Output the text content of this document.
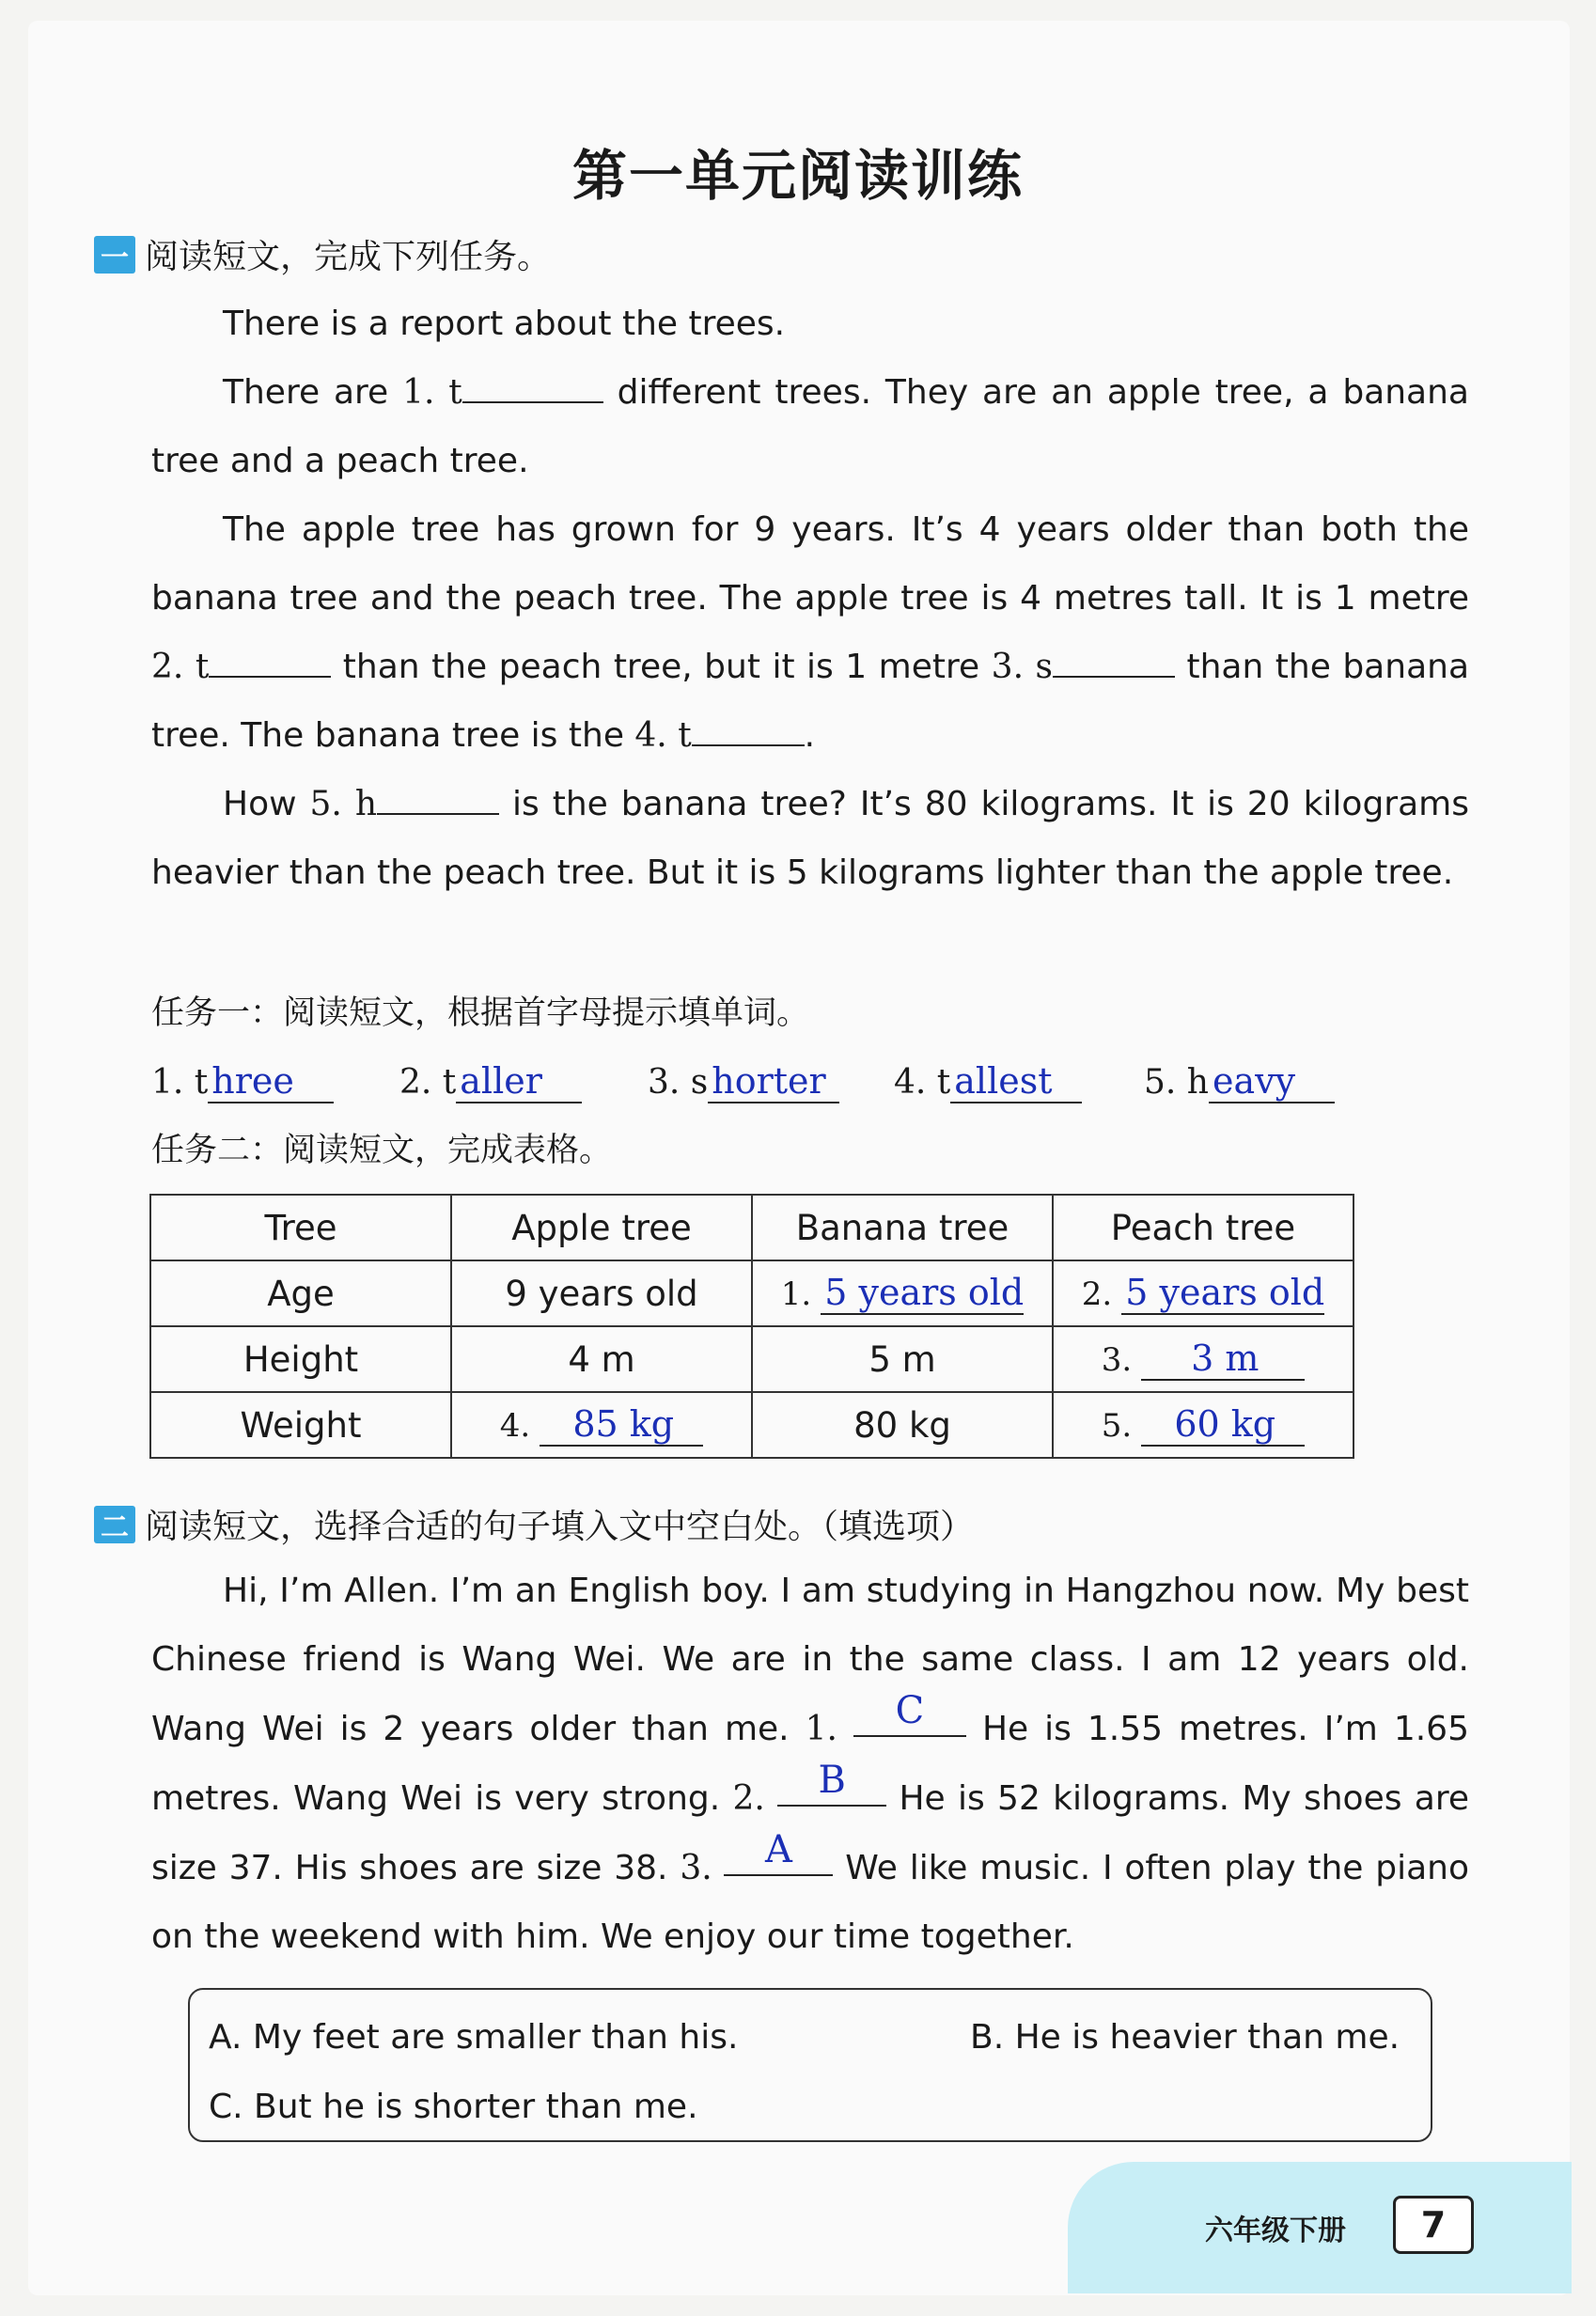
第一单元阅读训练
一 阅读短文，完成下列任务。
There is a report about the trees.
There are 1. t	different trees. They are an apple tree, a banana tree and a peach tree.
The apple tree has grown for 9 years. It’s 4 years older than both the banana tree and the peach tree. The apple tree is 4 metres tall. It is 1 metre 2. t	than the peach tree, but it is 1 metre 3. s	than the banana tree. The banana tree is the 4. t	.
How 5. h	is the banana tree? It’s 80 kilograms. It is 20 kilograms heavier than the peach tree. But it is 5 kilograms lighter than the apple tree.
任务一：阅读短文，根据首字母提示填单词。
1. t hree	2. t aller	3. s horter	4. t allest	5. h eavy
任务二：阅读短文，完成表格。
Tree	Apple tree	Banana tree	Peach tree
Age	9 years old	1. 5 years old	2. 5 years old

Height	4 m	5 m	3. 3 m

Weight	4. 85 kg	80 kg	5. 60 kg
二 阅读短文，选择合适的句子填入文中空白处。（填选项）
Hi, I’m Allen. I’m an English boy. I am studying in Hangzhou now. My best Chinese friend is Wang Wei. We are in the same class. I am 12 years old. Wang Wei is 2 years older than me. 1. C He is 1.55 metres. I’m 1.65 metres. Wang Wei is very strong. 2. B He is 52 kilograms. My shoes are size 37. His shoes are size 38. 3. A We like music. I often play the piano on the weekend with him. We enjoy our time together.
A. My feet are smaller than his.	B. He is heavier than me.
C. But he is shorter than me.
六年级下册	7
